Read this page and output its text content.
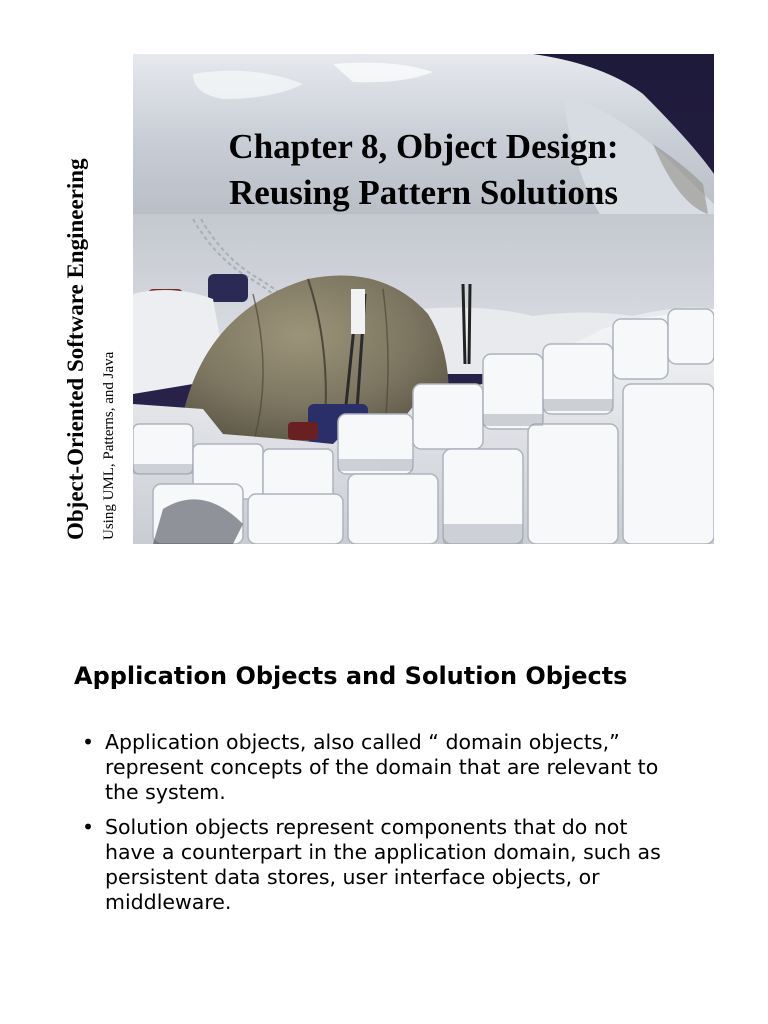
Object-Oriented Software Engineering Using UML, Patterns, and Java
Chapter 8, Object Design:
Reusing Pattern Solutions
Application Objects and Solution Objects
• Application objects, also called “ domain objects,” represent concepts of the domain that are relevant to the system.
• Solution objects represent components that do not have a counterpart in the application domain, such as persistent data stores, user interface objects, or middleware.
